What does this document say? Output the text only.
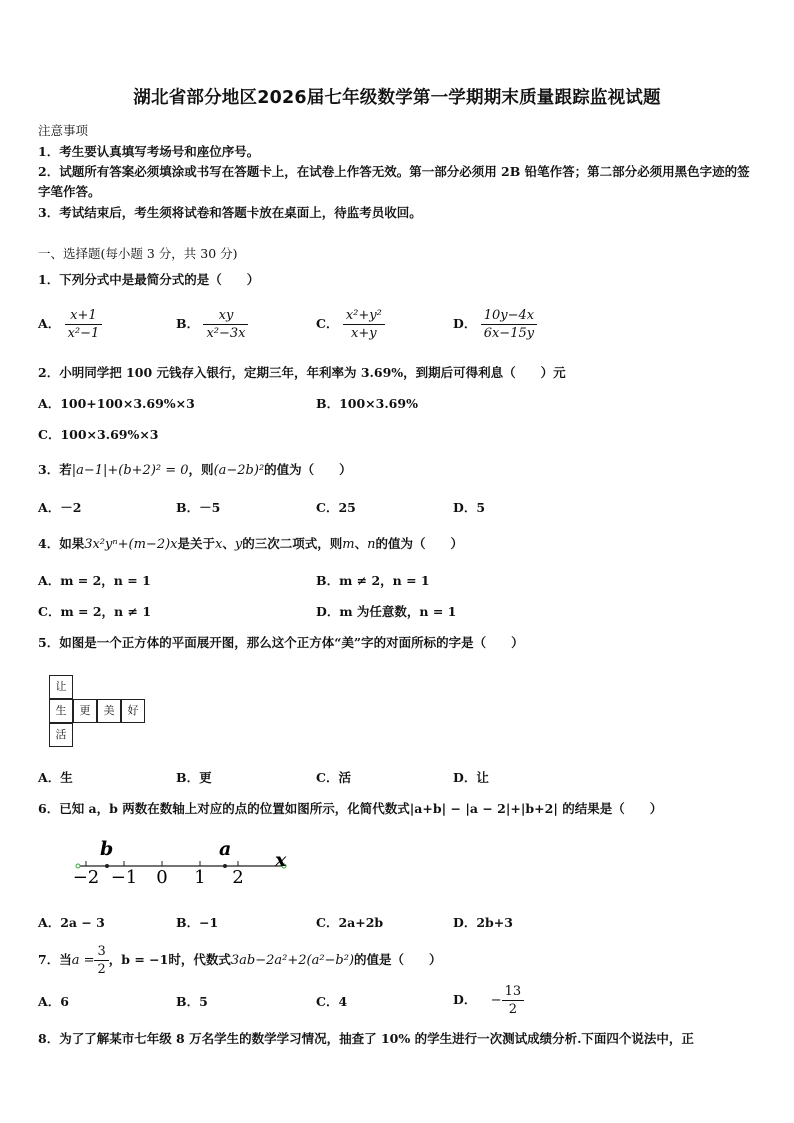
湖北省部分地区2026届七年级数学第一学期期末质量跟踪监视试题
注意事项
1．考生要认真填写考场号和座位序号。
2．试题所有答案必须填涂或书写在答题卡上，在试卷上作答无效。第一部分必须用 2B 铅笔作答；第二部分必须用黑色字迹的签字笔作答。
3．考试结束后，考生须将试卷和答题卡放在桌面上，待监考员收回。
一、选择题(每小题 3 分，共 30 分)
1．下列分式中是最简分式的是（　　）
A． $\frac{x+1}{\text{x²−1}}$	B． $\frac{xy}{\text{x²−3x}}$	C． $\frac{\text{x²+y²}}{x+y}$	D． $\frac{10y-4x}{6x-15y}$
2．小明同学把 100 元钱存入银行，定期三年，年利率为 3.69%，到期后可得利息（　　）元
A．100+100×3.69%×3	B．100×3.69%
C．100×3.69%×3
3．若|a−1|+(b+2)² = 0，则(a−2b)²的值为（　　）
A．－2	B．－5	C．25	D．5
4．如果3x²yⁿ+(m−2)x是关于x、y的三次二项式，则m、n的值为（　　）
A．m = 2，n = 1	B．m ≠ 2，n = 1
C．m = 2，n ≠ 1	D．m 为任意数，n = 1
5．如图是一个正方体的平面展开图，那么这个正方体“美”字的对面所标的字是（　　）
让
生	更	美	好
活
A．生	B．更	C．活	D．让
6．已知 a，b 两数在数轴上对应的点的位置如图所示，化简代数式|a+b| − |a − 2|+|b+2| 的结果是（　　）
b	a x
−2 −1 0 1 2
A．2a − 3	B．−1	C．2a+2b	D．2b+3
7．当$a = \frac{3}{2}$ ，b = −1时，代数式3ab−2a²+2(a²−b²)的值是（　　）
A．6	B．5	C．4	D． − $\frac{13}{2}$
8．为了了解某市七年级 8 万名学生的数学学习情况，抽查了 10% 的学生进行一次测试成绩分析.下面四个说法中，正
